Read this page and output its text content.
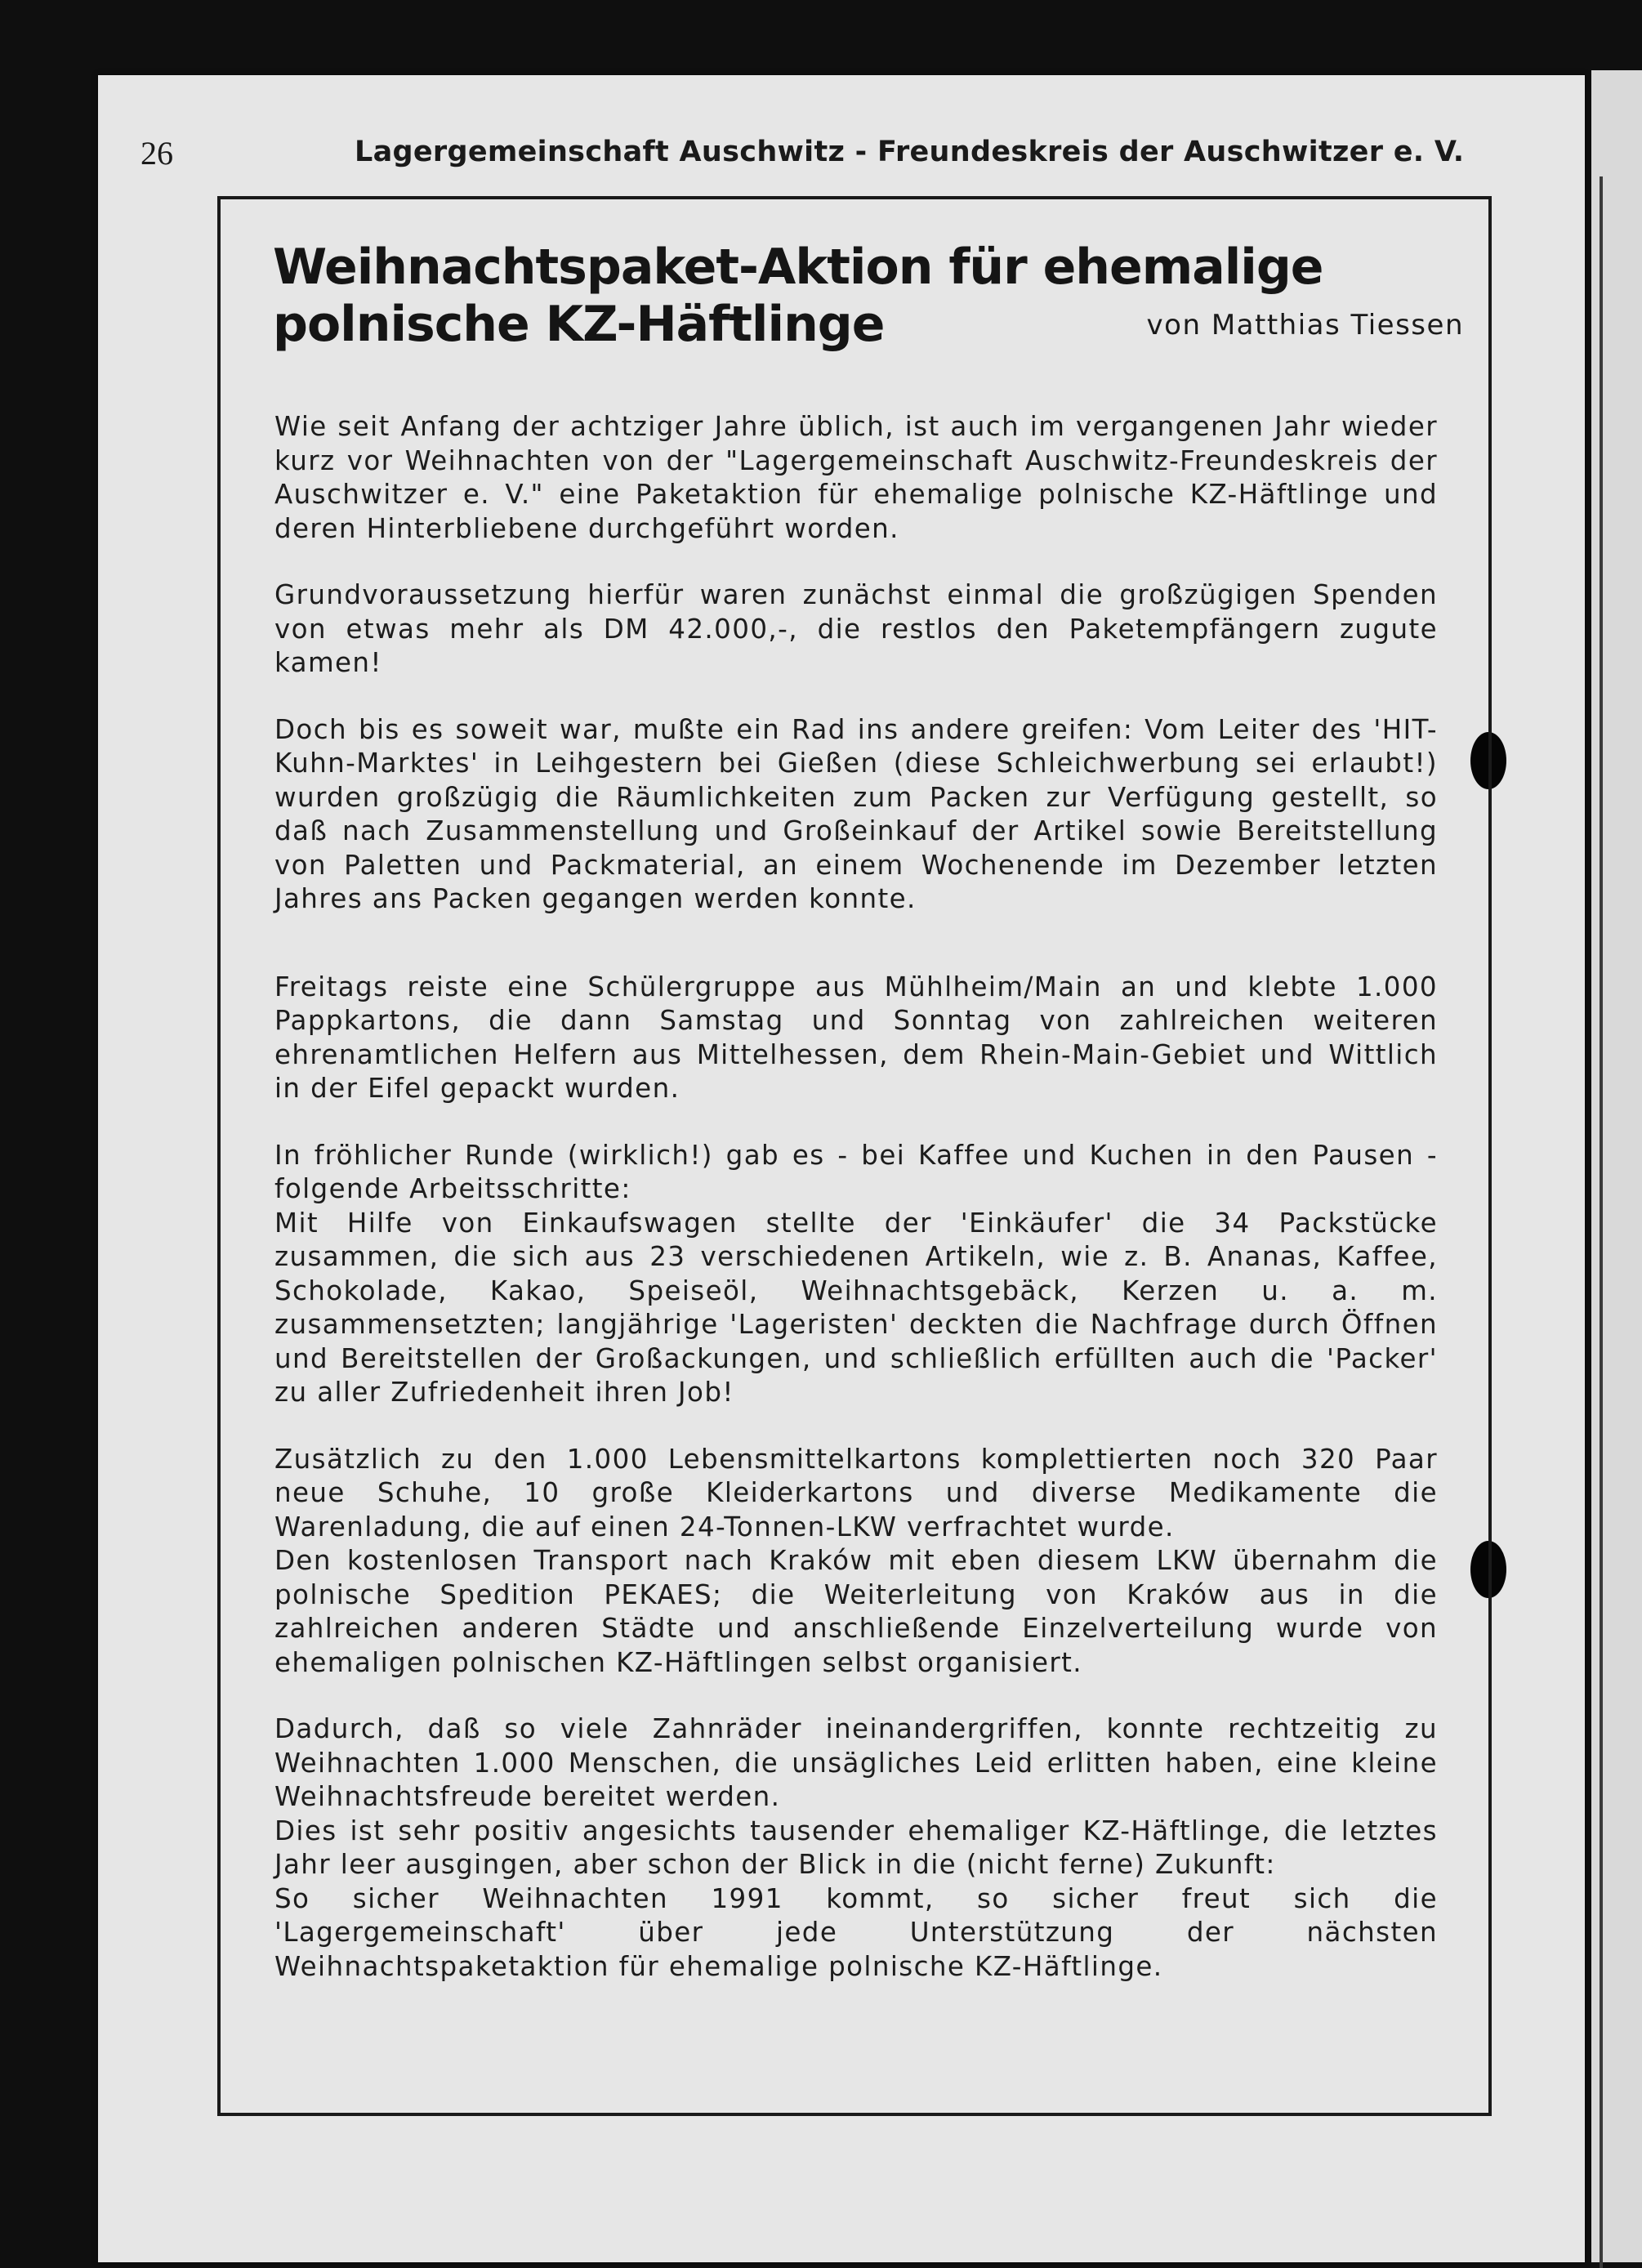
26	Lagergemeinschaft Auschwitz - Freundeskreis der Auschwitzer e. V.
Weihnachtspaket-Aktion für ehemalige
polnische KZ-Häftlinge	von Matthias Tiessen

Wie seit Anfang der achtziger Jahre üblich, ist auch im vergangenen Jahr wieder kurz vor Weihnachten von der "Lagergemeinschaft Auschwitz-Freundeskreis der Auschwitzer e. V." eine Paketaktion für ehemalige polnische KZ-Häftlinge und deren Hinterbliebene durchgeführt worden.

Grundvoraussetzung hierfür waren zunächst einmal die großzügigen Spenden von etwas mehr als DM 42.000,-, die restlos den Paketempfängern zugute kamen!

Doch bis es soweit war, mußte ein Rad ins andere greifen: Vom Leiter des 'HIT-Kuhn-Marktes' in Leihgestern bei Gießen (diese Schleichwerbung sei erlaubt!) wurden großzügig die Räumlichkeiten zum Packen zur Verfügung gestellt, so daß nach Zusammenstellung und Großeinkauf der Artikel sowie Bereitstellung von Paletten und Packmaterial, an einem Wochenende im Dezember letzten Jahres ans Packen gegangen werden konnte.

Freitags reiste eine Schülergruppe aus Mühlheim/Main an und klebte 1.000 Pappkartons, die dann Samstag und Sonntag von zahlreichen weiteren ehrenamtlichen Helfern aus Mittelhessen, dem Rhein-Main-Gebiet und Wittlich in der Eifel gepackt wurden.

In fröhlicher Runde (wirklich!) gab es - bei Kaffee und Kuchen in den Pausen - folgende Arbeitsschritte:

Mit Hilfe von Einkaufswagen stellte der 'Einkäufer' die 34 Packstücke zusammen, die sich aus 23 verschiedenen Artikeln, wie z. B. Ananas, Kaffee, Schokolade, Kakao, Speiseöl, Weihnachtsgebäck, Kerzen u. a. m. zusammensetzten; langjährige 'Lageristen' deckten die Nachfrage durch Öffnen und Bereitstellen der Großackungen, und schließlich erfüllten auch die 'Packer' zu aller Zufriedenheit ihren Job!

Zusätzlich zu den 1.000 Lebensmittelkartons komplettierten noch 320 Paar neue Schuhe, 10 große Kleiderkartons und diverse Medikamente die Warenladung, die auf einen 24-Tonnen-LKW verfrachtet wurde.

Den kostenlosen Transport nach Kraków mit eben diesem LKW übernahm die polnische Spedition PEKAES; die Weiterleitung von Kraków aus in die zahlreichen anderen Städte und anschließende Einzelverteilung wurde von ehemaligen polnischen KZ-Häftlingen selbst organisiert.

Dadurch, daß so viele Zahnräder ineinandergriffen, konnte rechtzeitig zu Weihnachten 1.000 Menschen, die unsägliches Leid erlitten haben, eine kleine Weihnachtsfreude bereitet werden.

Dies ist sehr positiv angesichts tausender ehemaliger KZ-Häftlinge, die letztes Jahr leer ausgingen, aber schon der Blick in die (nicht ferne) Zukunft:

So sicher Weihnachten 1991 kommt, so sicher freut sich die 'Lagergemeinschaft' über jede Unterstützung der nächsten Weihnachtspaketaktion für ehemalige polnische KZ-Häftlinge.
